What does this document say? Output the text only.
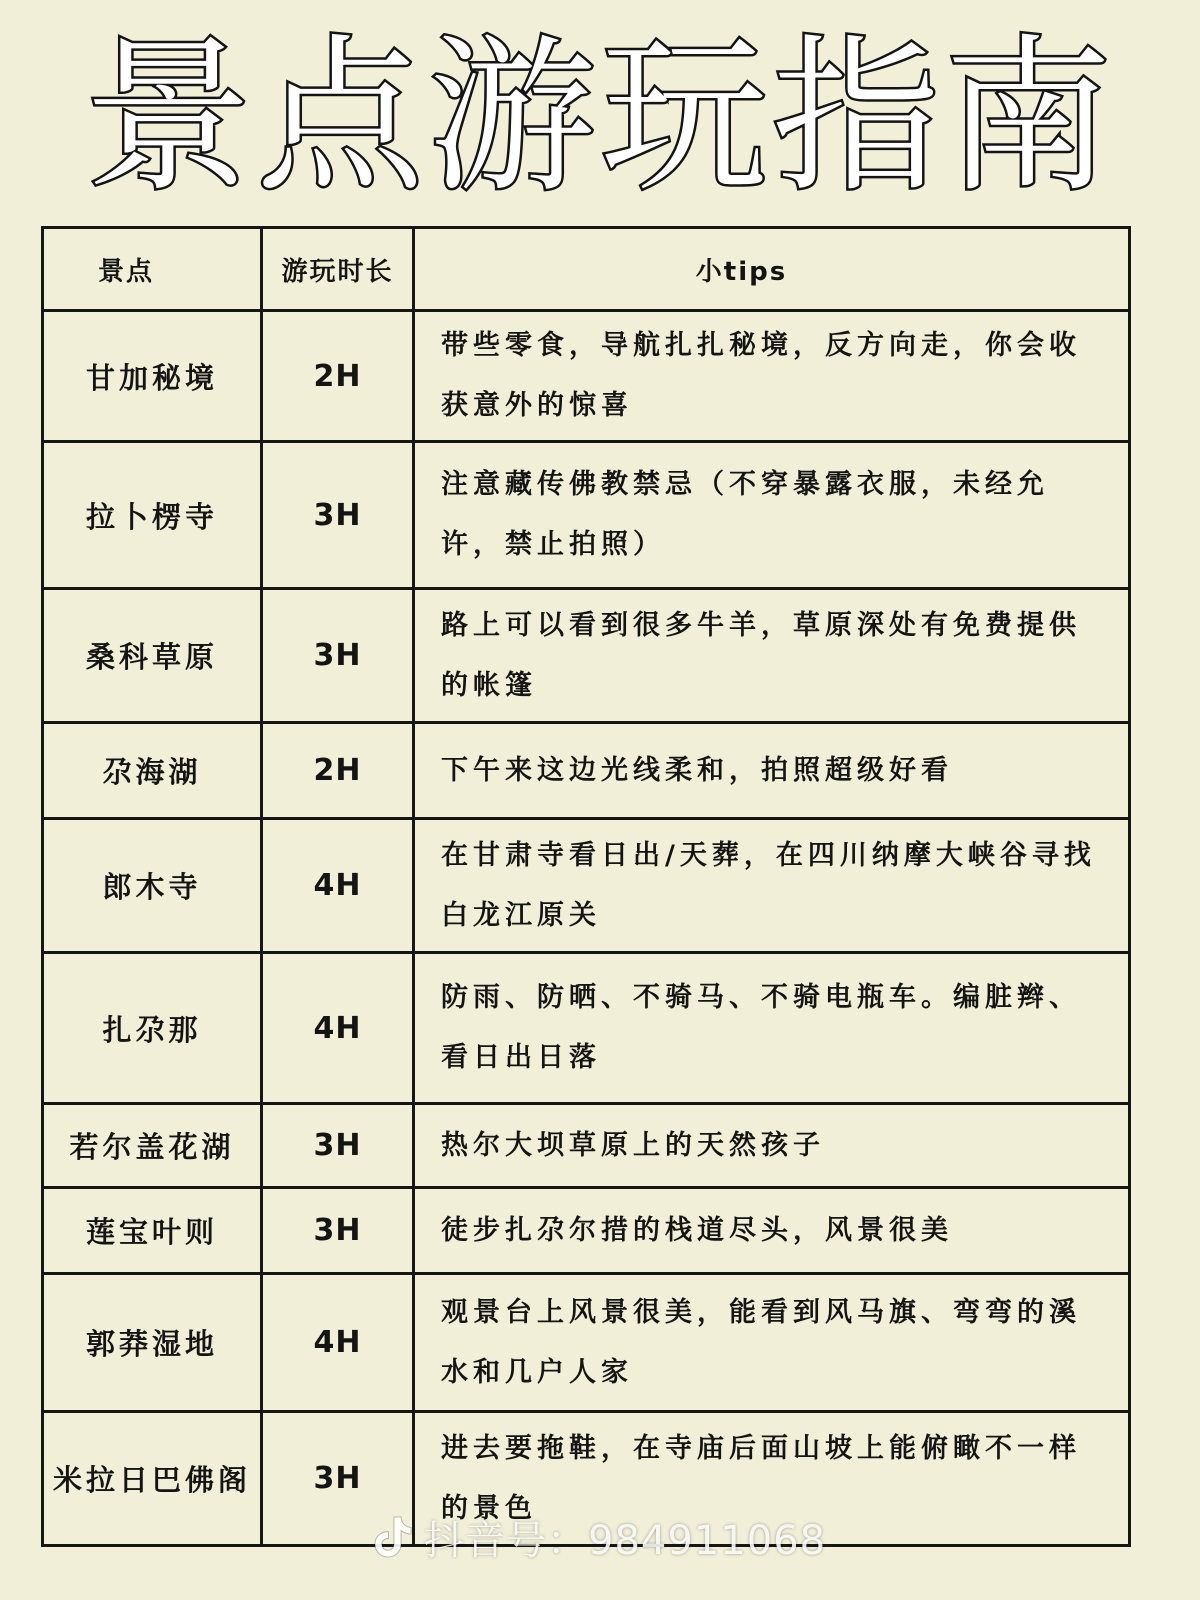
景点游玩指南
景点	游玩时长	小tips
甘加秘境	2H	带些零食，导航扎扎秘境，反方向走，你会收获意外的惊喜
拉卜楞寺	3H	注意藏传佛教禁忌（不穿暴露衣服，未经允许，禁止拍照）
桑科草原	3H	路上可以看到很多牛羊，草原深处有免费提供的帐篷
尕海湖	2H	下午来这边光线柔和，拍照超级好看
郎木寺	4H	在甘肃寺看日出/天葬，在四川纳摩大峡谷寻找白龙江原关
扎尕那	4H	防雨、防晒、不骑马、不骑电瓶车。编脏辫、看日出日落
若尔盖花湖	3H	热尔大坝草原上的天然孩子
莲宝叶则	3H	徒步扎尕尔措的栈道尽头，风景很美
郭莽湿地	4H	观景台上风景很美，能看到风马旗、弯弯的溪水和几户人家
米拉日巴佛阁	3H	进去要拖鞋，在寺庙后面山坡上能俯瞰不一样的景色
抖音号：984911068
